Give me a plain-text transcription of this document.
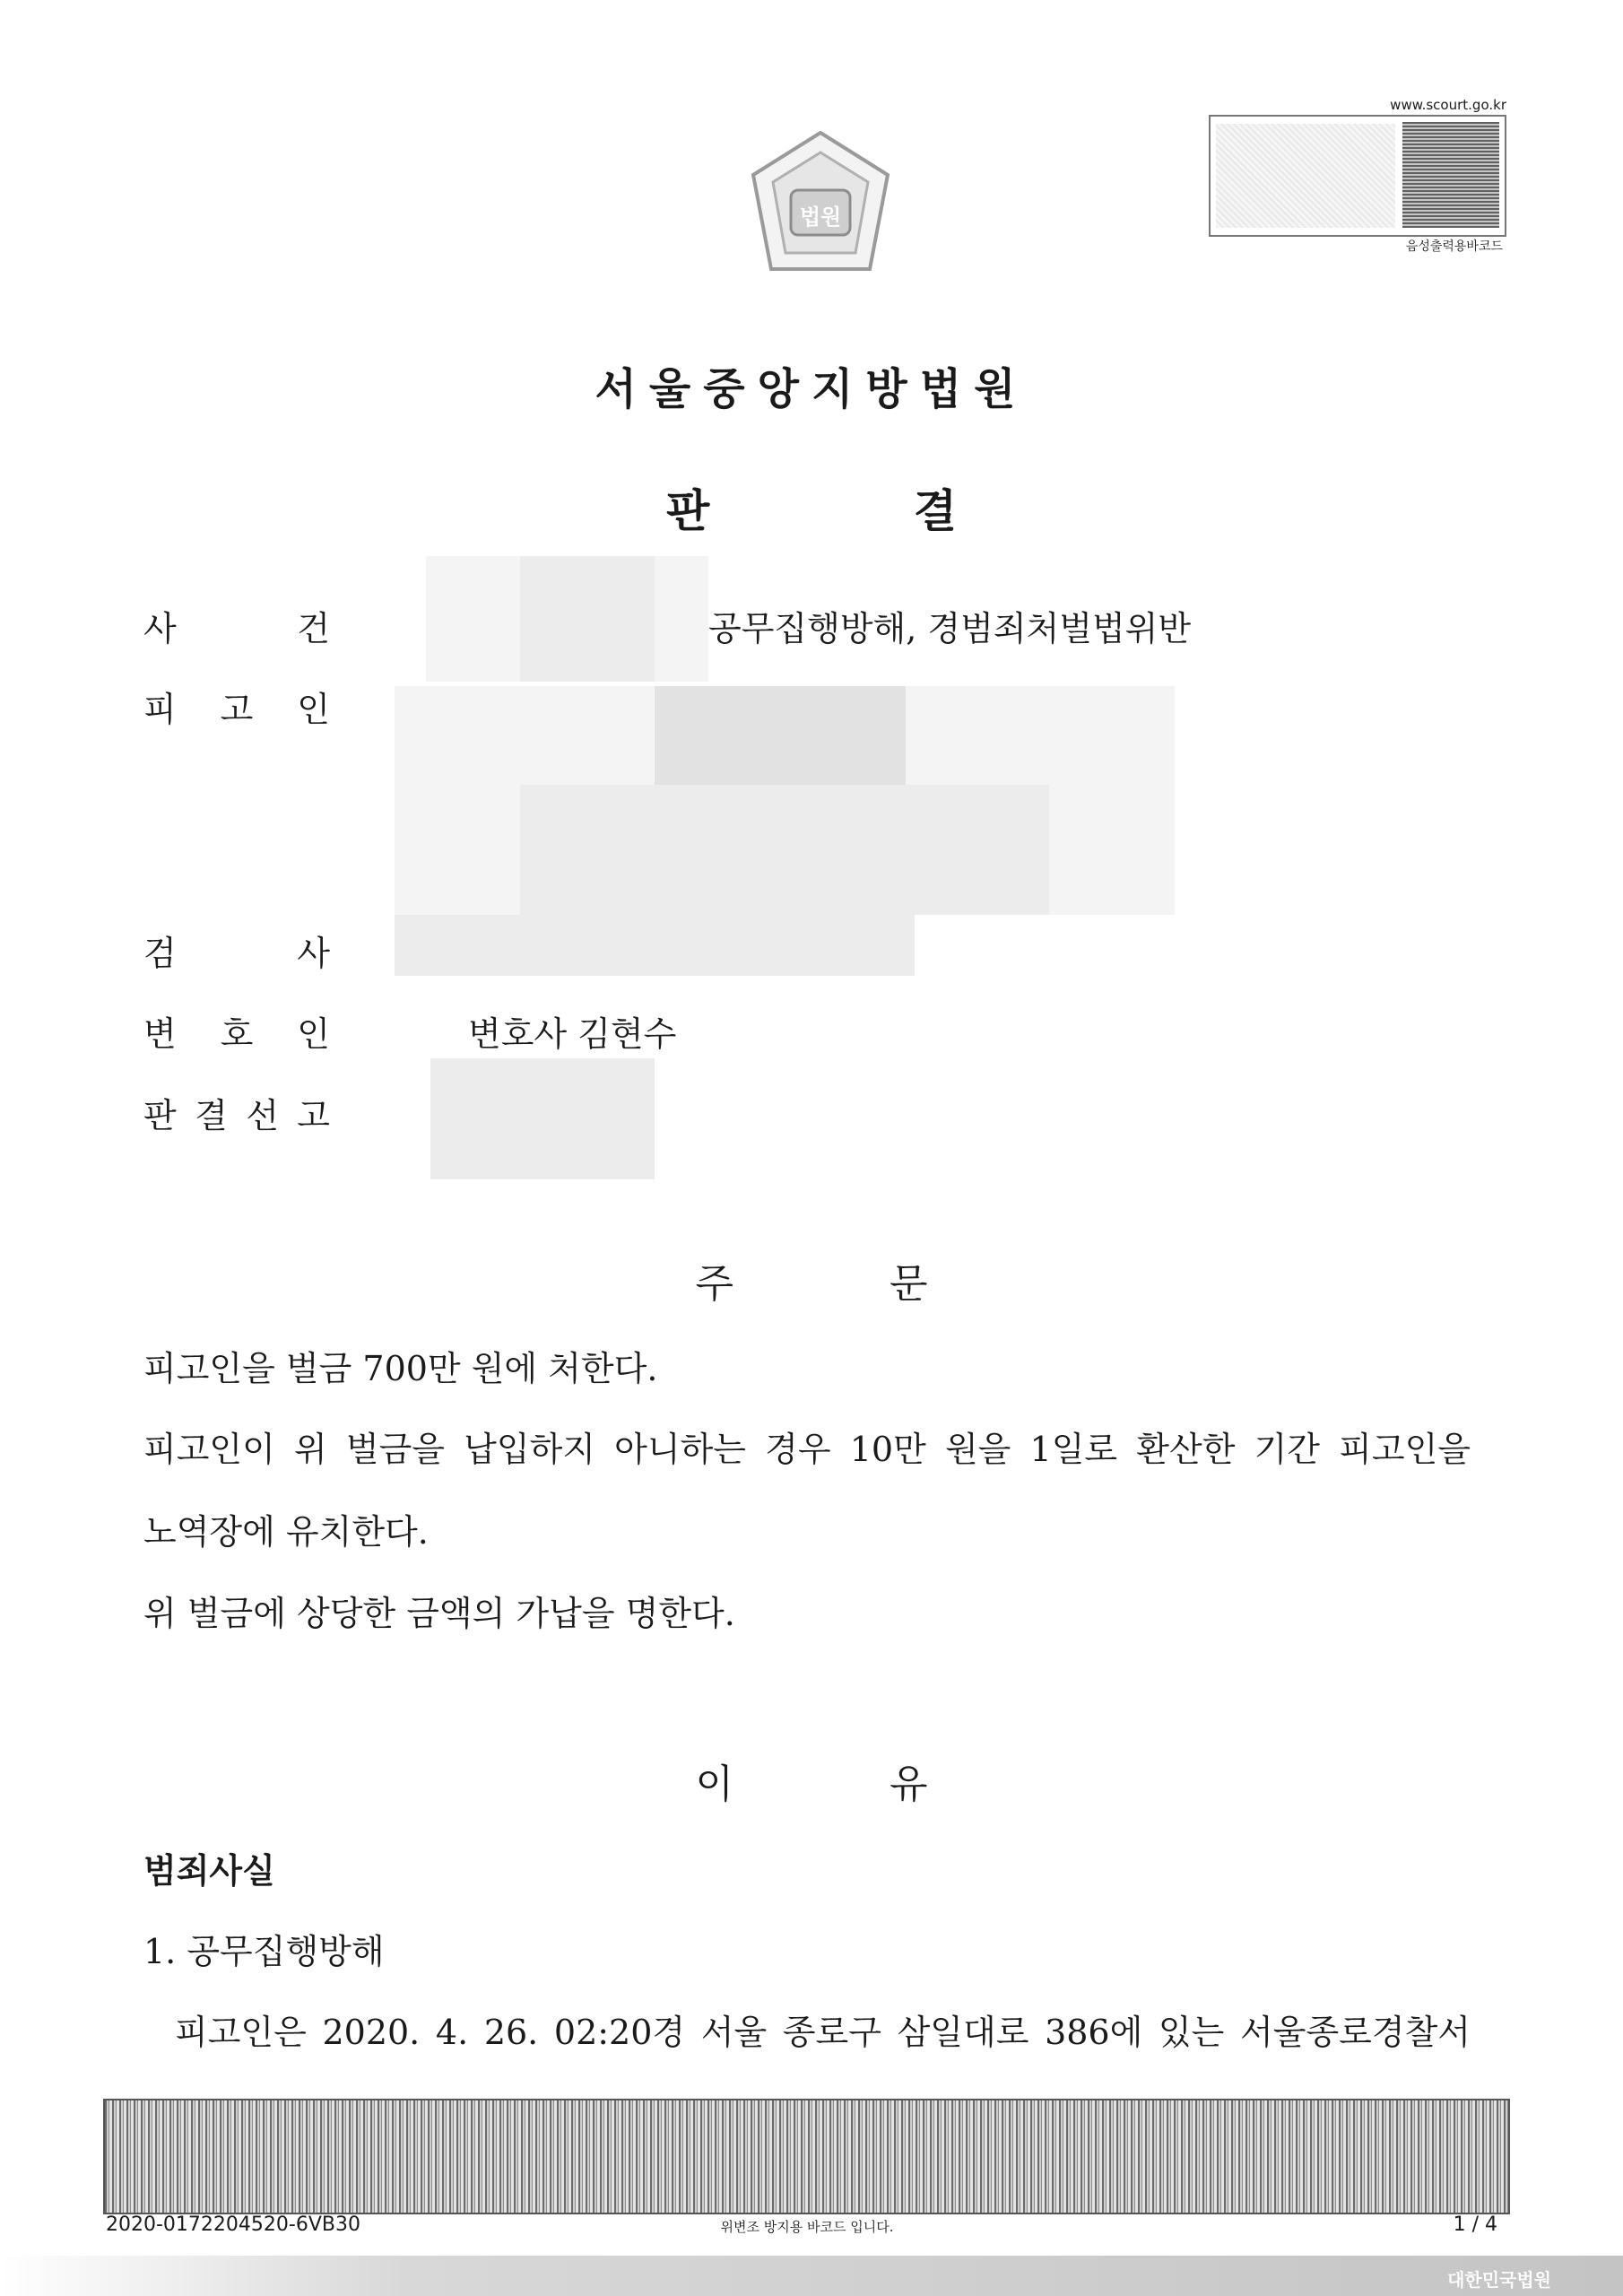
법원
www.scourt.go.kr
음성출력용바코드
서울중앙지방법원
판 결
사	건	공무집행방해, 경범죄처벌법위반
피 고 인
검	사
변 호 인	변호사 김현수
판 결 선 고
주 문
피고인을 벌금 700만 원에 처한다.
피고인이 위 벌금을 납입하지 아니하는 경우 10만 원을 1일로 환산한 기간 피고인을
노역장에 유치한다.
위 벌금에 상당한 금액의 가납을 명한다.
이 유
범죄사실
1. 공무집행방해
피고인은 2020. 4. 26. 02:20경 서울 종로구 삼일대로 386에 있는 서울종로경찰서
2020-0172204520-6VB30	위변조 방지용 바코드 입니다.	1 / 4
대한민국법원
